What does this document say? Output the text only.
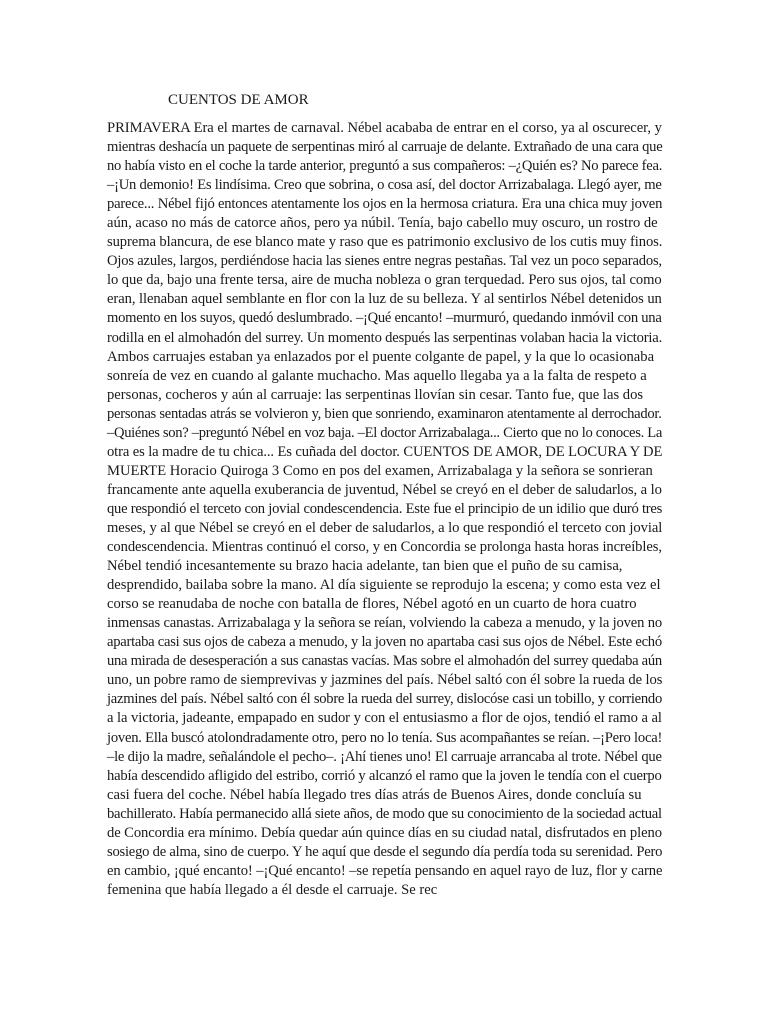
CUENTOS DE AMOR
PRIMAVERA Era el martes de carnaval. Nébel acababa de entrar en el corso, ya al oscurecer, y
mientras deshacía un paquete de serpentinas miró al carruaje de delante. Extrañado de una cara que
no había visto en el coche la tarde anterior, preguntó a sus compañeros: –¿Quién es? No parece fea.
–¡Un demonio! Es lindísima. Creo que sobrina, o cosa así, del doctor Arrizabalaga. Llegó ayer, me
parece... Nébel fijó entonces atentamente los ojos en la hermosa criatura. Era una chica muy joven
aún, acaso no más de catorce años, pero ya núbil. Tenía, bajo cabello muy oscuro, un rostro de
suprema blancura, de ese blanco mate y raso que es patrimonio exclusivo de los cutis muy finos.
Ojos azules, largos, perdiéndose hacia las sienes entre negras pestañas. Tal vez un poco separados,
lo que da, bajo una frente tersa, aire de mucha nobleza o gran terquedad. Pero sus ojos, tal como
eran, llenaban aquel semblante en flor con la luz de su belleza. Y al sentirlos Nébel detenidos un
momento en los suyos, quedó deslumbrado. –¡Qué encanto! –murmuró, quedando inmóvil con una
rodilla en el almohadón del surrey. Un momento después las serpentinas volaban hacia la victoria.
Ambos carruajes estaban ya enlazados por el puente colgante de papel, y la que lo ocasionaba
sonreía de vez en cuando al galante muchacho. Mas aquello llegaba ya a la falta de respeto a
personas, cocheros y aún al carruaje: las serpentinas llovían sin cesar. Tanto fue, que las dos
personas sentadas atrás se volvieron y, bien que sonriendo, examinaron atentamente al derrochador.
–Quiénes son? –preguntó Nébel en voz baja. –El doctor Arrizabalaga... Cierto que no lo conoces. La
otra es la madre de tu chica... Es cuñada del doctor. CUENTOS DE AMOR, DE LOCURA Y DE
MUERTE Horacio Quiroga 3 Como en pos del examen, Arrizabalaga y la señora se sonrieran
francamente ante aquella exuberancia de juventud, Nébel se creyó en el deber de saludarlos, a lo
que respondió el terceto con jovial condescendencia. Este fue el principio de un idilio que duró tres
meses, y al que Nébel se creyó en el deber de saludarlos, a lo que respondió el terceto con jovial
condescendencia. Mientras continuó el corso, y en Concordia se prolonga hasta horas increíbles,
Nébel tendió incesantemente su brazo hacia adelante, tan bien que el puño de su camisa,
desprendido, bailaba sobre la mano. Al día siguiente se reprodujo la escena; y como esta vez el
corso se reanudaba de noche con batalla de flores, Nébel agotó en un cuarto de hora cuatro
inmensas canastas. Arrizabalaga y la señora se reían, volviendo la cabeza a menudo, y la joven no
apartaba casi sus ojos de cabeza a menudo, y la joven no apartaba casi sus ojos de Nébel. Este echó
una mirada de desesperación a sus canastas vacías. Mas sobre el almohadón del surrey quedaba aún
uno, un pobre ramo de siemprevivas y jazmines del país. Nébel saltó con él sobre la rueda de los
jazmines del país. Nébel saltó con él sobre la rueda del surrey, dislocóse casi un tobillo, y corriendo
a la victoria, jadeante, empapado en sudor y con el entusiasmo a flor de ojos, tendió el ramo a al
joven. Ella buscó atolondradamente otro, pero no lo tenía. Sus acompañantes se reían. –¡Pero loca!
–le dijo la madre, señalándole el pecho–. ¡Ahí tienes uno! El carruaje arrancaba al trote. Nébel que
había descendido afligido del estribo, corrió y alcanzó el ramo que la joven le tendía con el cuerpo
casi fuera del coche. Nébel había llegado tres días atrás de Buenos Aires, donde concluía su
bachillerato. Había permanecido allá siete años, de modo que su conocimiento de la sociedad actual
de Concordia era mínimo. Debía quedar aún quince días en su ciudad natal, disfrutados en pleno
sosiego de alma, sino de cuerpo. Y he aquí que desde el segundo día perdía toda su serenidad. Pero
en cambio, ¡qué encanto! –¡Qué encanto! –se repetía pensando en aquel rayo de luz, flor y carne
femenina que había llegado a él desde el carruaje. Se rec
